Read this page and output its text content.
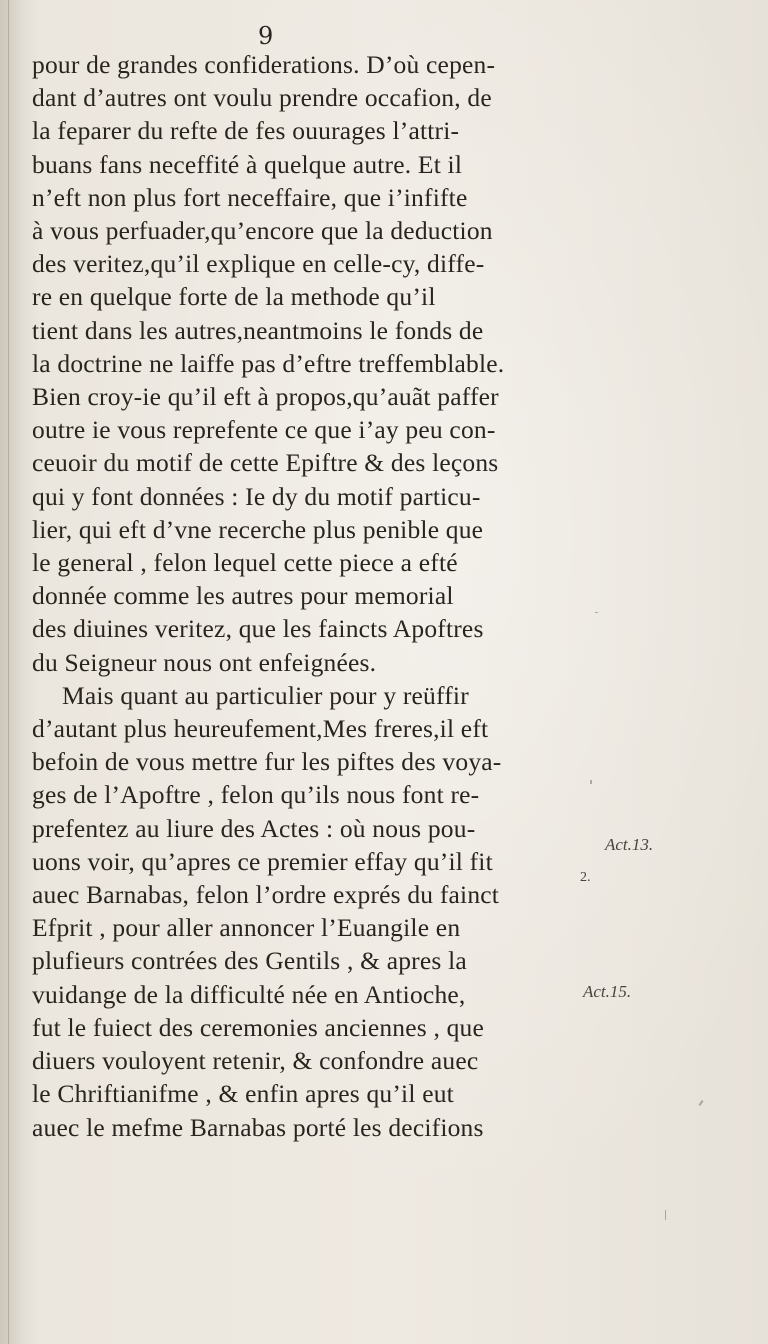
9
pour de grandes confiderations. D’où cepen-
dant d’autres ont voulu prendre occafion, de
la feparer du refte de fes ouurages l’attri-
buans fans neceffité à quelque autre. Et il
n’eft non plus fort neceffaire, que i’infifte
à vous perfuader,qu’encore que la deduction
des veritez,qu’il explique en celle-cy, diffe-
re en quelque forte de la methode qu’il
tient dans les autres,neantmoins le fonds de
la doctrine ne laiffe pas d’eftre treffemblable.
Bien croy-ie qu’il eft à propos,qu’auãt paffer
outre ie vous reprefente ce que i’ay peu con-
ceuoir du motif de cette Epiftre & des leçons
qui y font données : Ie dy du motif particu-
lier, qui eft d’vne recerche plus penible que
le general , felon lequel cette piece a efté
donnée comme les autres pour memorial
des diuines veritez, que les faincts Apoftres
du Seigneur nous ont enfeignées.
Mais quant au particulier pour y reüffir
d’autant plus heureufement,Mes freres,il eft
befoin de vous mettre fur les piftes des voya-
ges de l’Apoftre , felon qu’ils nous font re-
prefentez au liure des Actes : où nous pou-
uons voir, qu’apres ce premier effay qu’il fit
auec Barnabas, felon l’ordre exprés du fainct
Efprit , pour aller annoncer l’Euangile en
plufieurs contrées des Gentils , & apres la
vuidange de la difficulté née en Antioche,
fut le fuiect des ceremonies anciennes , que
diuers vouloyent retenir, & confondre auec
le Chriftianifme , & enfin apres qu’il eut
auec le mefme Barnabas porté les decifions
Act.13.
2.
Act.15.
